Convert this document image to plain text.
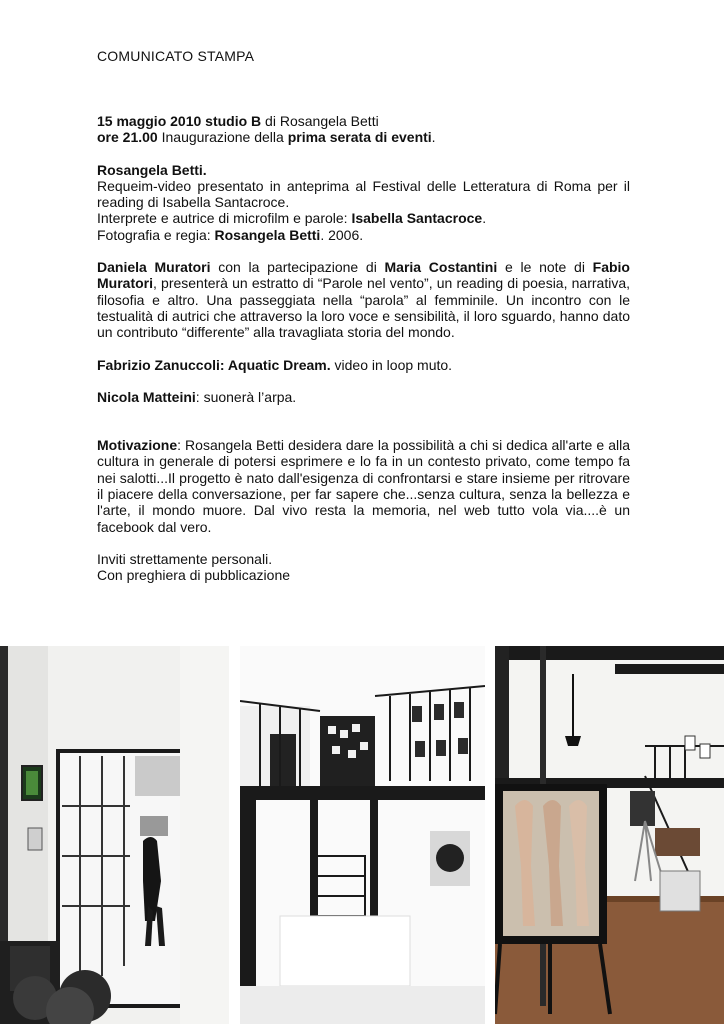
COMUNICATO STAMPA

15 maggio 2010 studio B di Rosangela Betti

ore 21.00 Inaugurazione della prima serata di eventi.

Rosangela Betti.

Requeim-video presentato in anteprima al Festival delle Letteratura di Roma per il reading di Isabella Santacroce.

Interprete e autrice di microfilm e parole: Isabella Santacroce.

Fotografia e regia: Rosangela Betti. 2006.

Daniela Muratori con la partecipazione di Maria Costantini e le note di Fabio Muratori, presenterà un estratto di “Parole nel vento”, un reading di poesia, narrativa, filosofia e altro. Una passeggiata nella “parola” al femminile. Un incontro con le testualità di autrici che attraverso la loro voce e sensibilità, il loro sguardo, hanno dato un contributo “differente” alla travagliata storia del mondo.

Fabrizio Zanuccoli: Aquatic Dream. video in loop muto.

Nicola Matteini: suonerà l’arpa.

Motivazione: Rosangela Betti desidera dare la possibilità a chi si dedica all'arte e alla cultura in generale di potersi esprimere e lo fa in un contesto privato, come tempo fa nei salotti...Il progetto è nato dall'esigenza di confrontarsi e stare insieme per ritrovare il piacere della conversazione, per far sapere che...senza cultura, senza la bellezza e l'arte, il mondo muore. Dal vivo resta la memoria, nel web tutto vola via....è un facebook dal vero.

Inviti strettamente personali.

Con preghiera di pubblicazione
